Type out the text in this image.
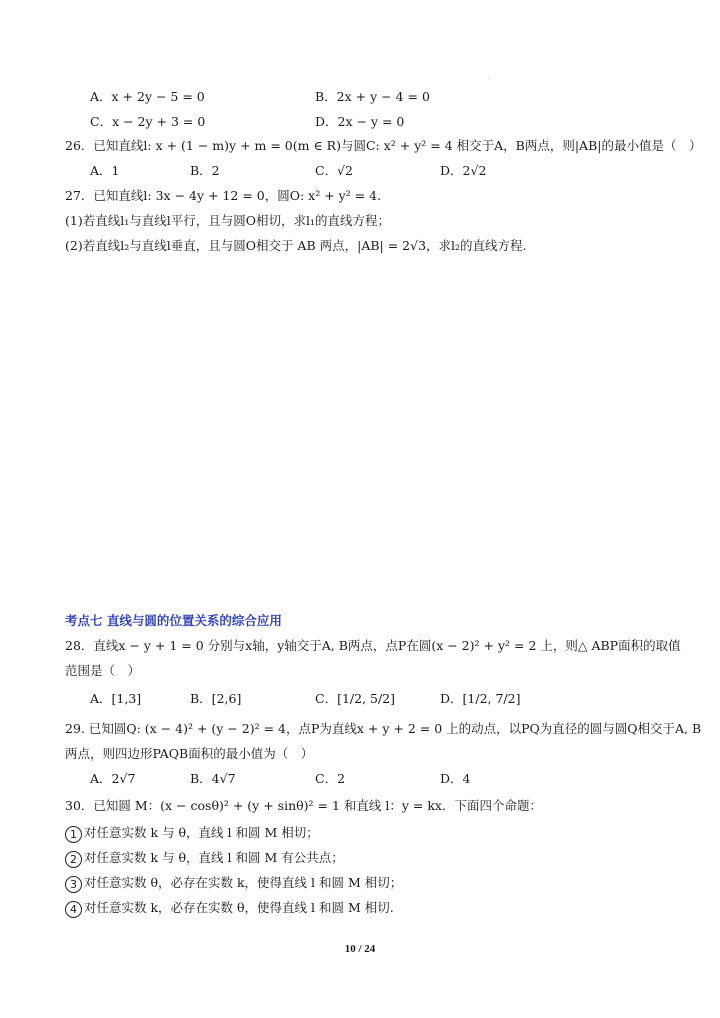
.
A．x + 2y − 5 = 0	B．2x + y − 4 = 0
C．x − 2y + 3 = 0	D．2x − y = 0
26．已知直线l: x + (1 − m)y + m = 0(m ∈ R)与圆C: x² + y² = 4 相交于A，B两点，则|AB|的最小值是（　）
A．1	B．2	C．√2	D．2√2
27．已知直线l: 3x − 4y + 12 = 0，圆O: x² + y² = 4.
(1)若直线l₁与直线l平行，且与圆O相切，求l₁的直线方程；
(2)若直线l₂与直线l垂直，且与圆O相交于 AB 两点，|AB| = 2√3，求l₂的直线方程.
考点七 直线与圆的位置关系的综合应用
28．直线x − y + 1 = 0 分别与x轴，y轴交于A, B两点，点P在圆(x − 2)² + y² = 2 上，则△ ABP面积的取值
范围是（　）
A．[1,3]	B．[2,6]	C．[1/2, 5/2]	D．[1/2, 7/2]
29. 已知圆Q: (x − 4)² + (y − 2)² = 4，点P为直线x + y + 2 = 0 上的动点，以PQ为直径的圆与圆Q相交于A, B
两点，则四边形PAQB面积的最小值为（　）
A．2√7	B．4√7	C．2	D．4
30．已知圆 M：(x − cosθ)² + (y + sinθ)² = 1 和直线 l：y = kx．下面四个命题：
1 对任意实数 k 与 θ，直线 l 和圆 M 相切；
2 对任意实数 k 与 θ，直线 l 和圆 M 有公共点；
3 对任意实数 θ，必存在实数 k，使得直线 l 和圆 M 相切；
4 对任意实数 k，必存在实数 θ，使得直线 l 和圆 M 相切.
10 / 24
